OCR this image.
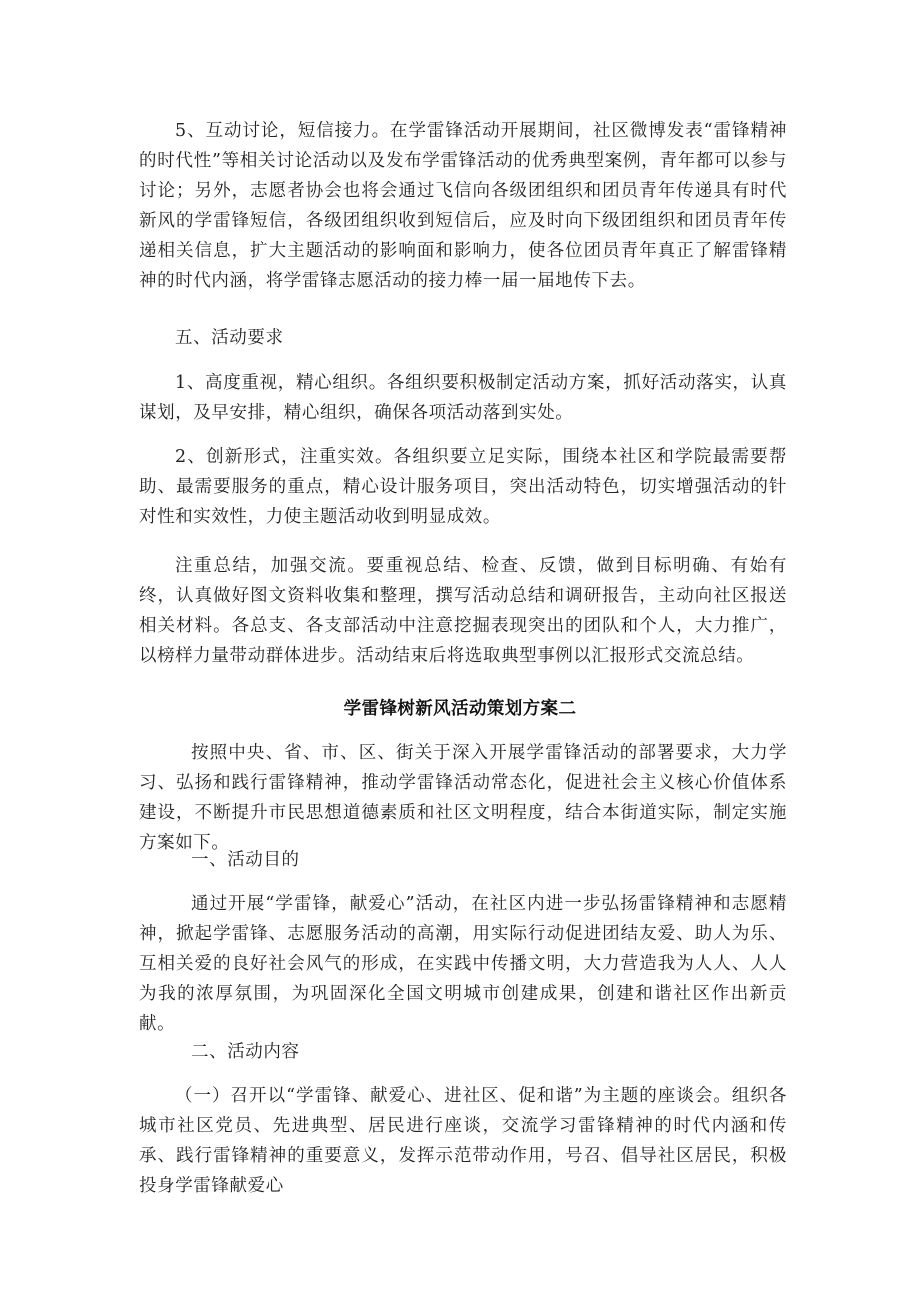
5、互动讨论，短信接力。在学雷锋活动开展期间，社区微博发表“雷锋精神的时代性”等相关讨论活动以及发布学雷锋活动的优秀典型案例，青年都可以参与讨论；另外，志愿者协会也将会通过飞信向各级团组织和团员青年传递具有时代新风的学雷锋短信，各级团组织收到短信后，应及时向下级团组织和团员青年传递相关信息，扩大主题活动的影响面和影响力，使各位团员青年真正了解雷锋精神的时代内涵，将学雷锋志愿活动的接力棒一届一届地传下去。

五、活动要求

1、高度重视，精心组织。各组织要积极制定活动方案，抓好活动落实，认真谋划，及早安排，精心组织，确保各项活动落到实处。

2、创新形式，注重实效。各组织要立足实际，围绕本社区和学院最需要帮助、最需要服务的重点，精心设计服务项目，突出活动特色，切实增强活动的针对性和实效性，力使主题活动收到明显成效。

注重总结，加强交流。要重视总结、检查、反馈，做到目标明确、有始有终，认真做好图文资料收集和整理，撰写活动总结和调研报告，主动向社区报送相关材料。各总支、各支部活动中注意挖掘表现突出的团队和个人，大力推广，以榜样力量带动群体进步。活动结束后将选取典型事例以汇报形式交流总结。

学雷锋树新风活动策划方案二

按照中央、省、市、区、街关于深入开展学雷锋活动的部署要求，大力学习、弘扬和践行雷锋精神，推动学雷锋活动常态化，促进社会主义核心价值体系建设，不断提升市民思想道德素质和社区文明程度，结合本街道实际，制定实施方案如下。

一、活动目的

通过开展“学雷锋，献爱心”活动，在社区内进一步弘扬雷锋精神和志愿精神，掀起学雷锋、志愿服务活动的高潮，用实际行动促进团结友爱、助人为乐、互相关爱的良好社会风气的形成，在实践中传播文明，大力营造我为人人、人人为我的浓厚氛围，为巩固深化全国文明城市创建成果，创建和谐社区作出新贡献。

二、活动内容

（一）召开以“学雷锋、献爱心、进社区、促和谐”为主题的座谈会。组织各城市社区党员、先进典型、居民进行座谈，交流学习雷锋精神的时代内涵和传承、践行雷锋精神的重要意义，发挥示范带动作用，号召、倡导社区居民，积极投身学雷锋献爱心
